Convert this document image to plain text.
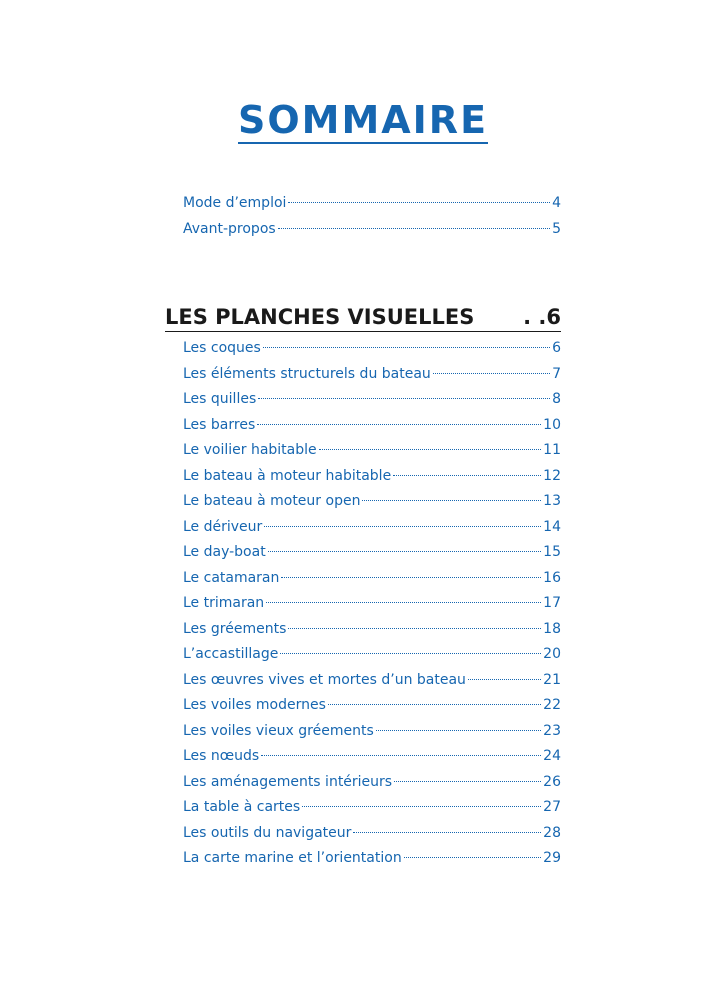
SOMMAIRE
Mode d’emploi	4
Avant-propos	5
LES PLANCHES VISUELLES . .6
Les coques	6
Les éléments structurels du bateau	7
Les quilles	8
Les barres	10
Le voilier habitable	11
Le bateau à moteur habitable	12
Le bateau à moteur open	13
Le dériveur	14
Le day-boat	15
Le catamaran	16
Le trimaran	17
Les gréements	18
L’accastillage	20
Les œuvres vives et mortes d’un bateau	21
Les voiles modernes	22
Les voiles vieux gréements	23
Les nœuds	24
Les aménagements intérieurs	26
La table à cartes	27
Les outils du navigateur	28
La carte marine et l’orientation	29
